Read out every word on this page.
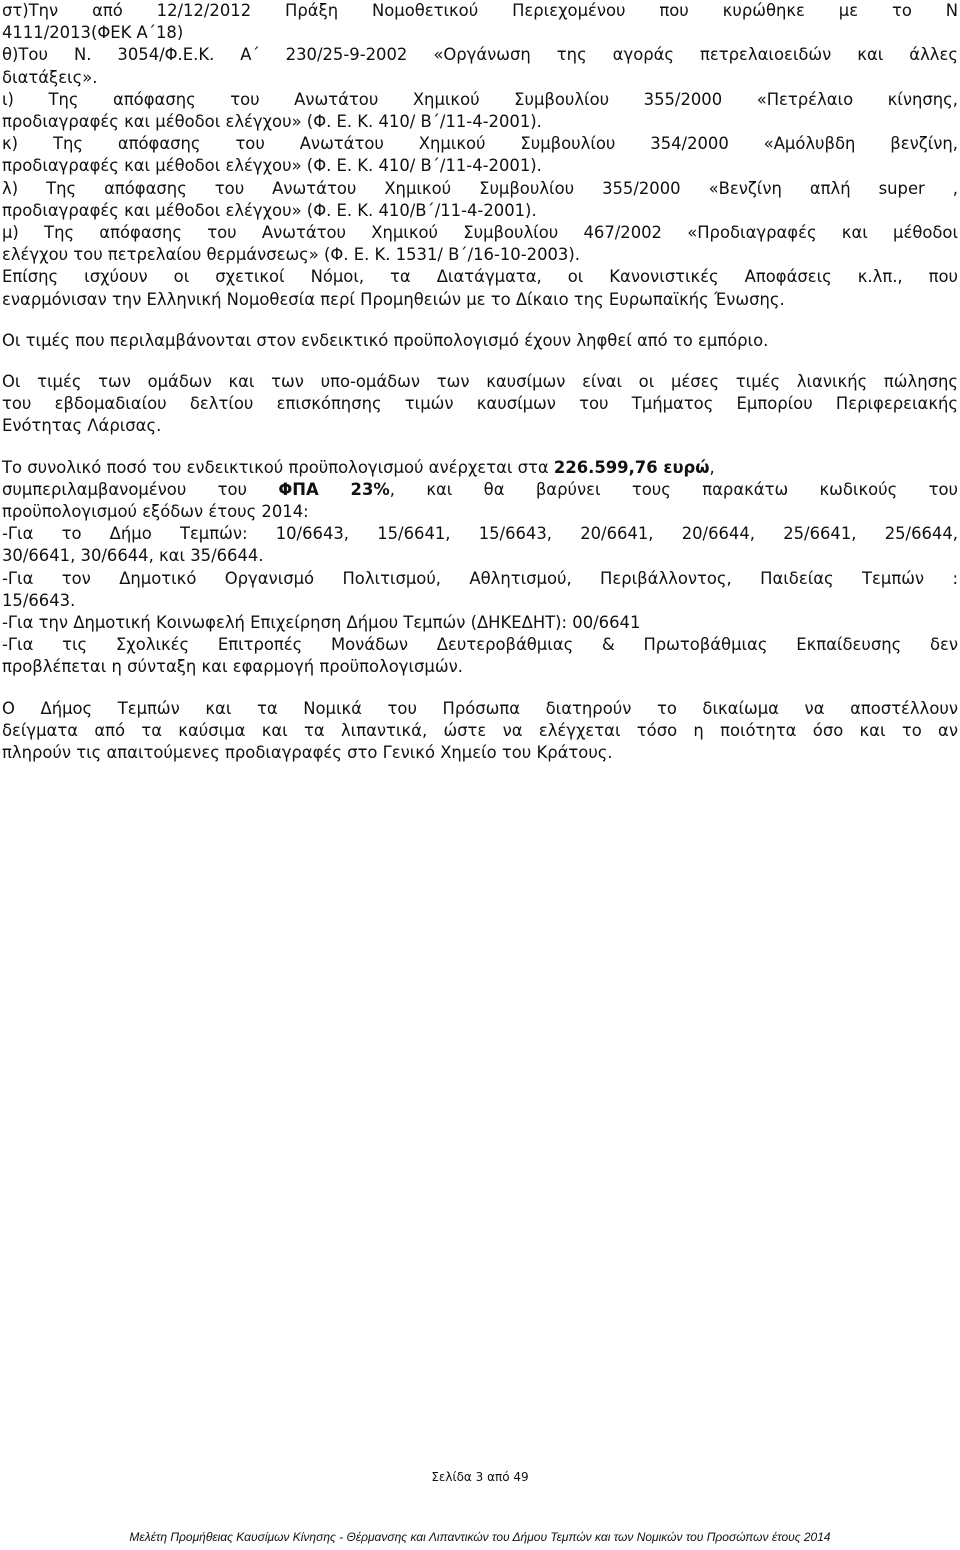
στ)Την από 12/12/2012 Πράξη Νομοθετικού Περιεχομένου που κυρώθηκε με το Ν
4111/2013(ΦΕΚ Α΄18)
θ)Του Ν. 3054/Φ.Ε.Κ. Α΄ 230/25-9-2002 «Οργάνωση της αγοράς πετρελαιοειδών και άλλες
διατάξεις».
ι) Της απόφασης του Ανωτάτου Χημικού Συμβουλίου 355/2000 «Πετρέλαιο κίνησης,
προδιαγραφές και μέθοδοι ελέγχου» (Φ. Ε. Κ. 410/ Β΄/11-4-2001).
κ) Της απόφασης του Ανωτάτου Χημικού Συμβουλίου 354/2000 «Αμόλυβδη βενζίνη,
προδιαγραφές και μέθοδοι ελέγχου» (Φ. Ε. Κ. 410/ Β΄/11-4-2001).
λ) Της απόφασης του Ανωτάτου Χημικού Συμβουλίου 355/2000 «Βενζίνη απλή super ,
προδιαγραφές και μέθοδοι ελέγχου» (Φ. Ε. Κ. 410/Β΄/11-4-2001).
μ) Της απόφασης του Ανωτάτου Χημικού Συμβουλίου 467/2002 «Προδιαγραφές και μέθοδοι
ελέγχου του πετρελαίου θερμάνσεως» (Φ. Ε. Κ. 1531/ Β΄/16-10-2003).
Επίσης ισχύουν οι σχετικοί Νόμοι, τα Διατάγματα, οι Κανονιστικές Αποφάσεις κ.λπ., που
εναρμόνισαν την Ελληνική Νομοθεσία περί Προμηθειών με το Δίκαιο της Ευρωπαϊκής Ένωσης.
Οι τιμές που περιλαμβάνονται στον ενδεικτικό προϋπολογισμό έχουν ληφθεί από το εμπόριο.
Οι τιμές των ομάδων και των υπο-ομάδων των καυσίμων είναι οι μέσες τιμές λιανικής πώλησης
του εβδομαδιαίου δελτίου επισκόπησης τιμών καυσίμων του Τμήματος Εμπορίου Περιφερειακής
Ενότητας Λάρισας.
Το συνολικό ποσό του ενδεικτικού προϋπολογισμού ανέρχεται στα 226.599,76 ευρώ,
συμπεριλαμβανομένου του ΦΠΑ 23%, και θα βαρύνει τους παρακάτω κωδικούς του
προϋπολογισμού εξόδων έτους 2014:
-Για το Δήμο Τεμπών: 10/6643, 15/6641, 15/6643, 20/6641, 20/6644, 25/6641, 25/6644,
30/6641, 30/6644, και 35/6644.
-Για τον Δημοτικό Οργανισμό Πολιτισμού, Αθλητισμού, Περιβάλλοντος, Παιδείας Τεμπών :
15/6643.
-Για την Δημοτική Κοινωφελή Επιχείρηση Δήμου Τεμπών (ΔΗΚΕΔΗΤ): 00/6641
-Για τις Σχολικές Επιτροπές Μονάδων Δευτεροβάθμιας & Πρωτοβάθμιας Εκπαίδευσης δεν
προβλέπεται η σύνταξη και εφαρμογή προϋπολογισμών.
Ο Δήμος Τεμπών και τα Νομικά του Πρόσωπα διατηρούν το δικαίωμα να αποστέλλουν
δείγματα από τα καύσιμα και τα λιπαντικά, ώστε να ελέγχεται τόσο η ποιότητα όσο και το αν
πληρούν τις απαιτούμενες προδιαγραφές στο Γενικό Χημείο του Κράτους.
Σελίδα 3 από 49
Μελέτη Προμήθειας Καυσίμων Κίνησης - Θέρμανσης και Λιπαντικών του Δήμου Τεμπών και των Νομικών του Προσώπων έτους 2014
